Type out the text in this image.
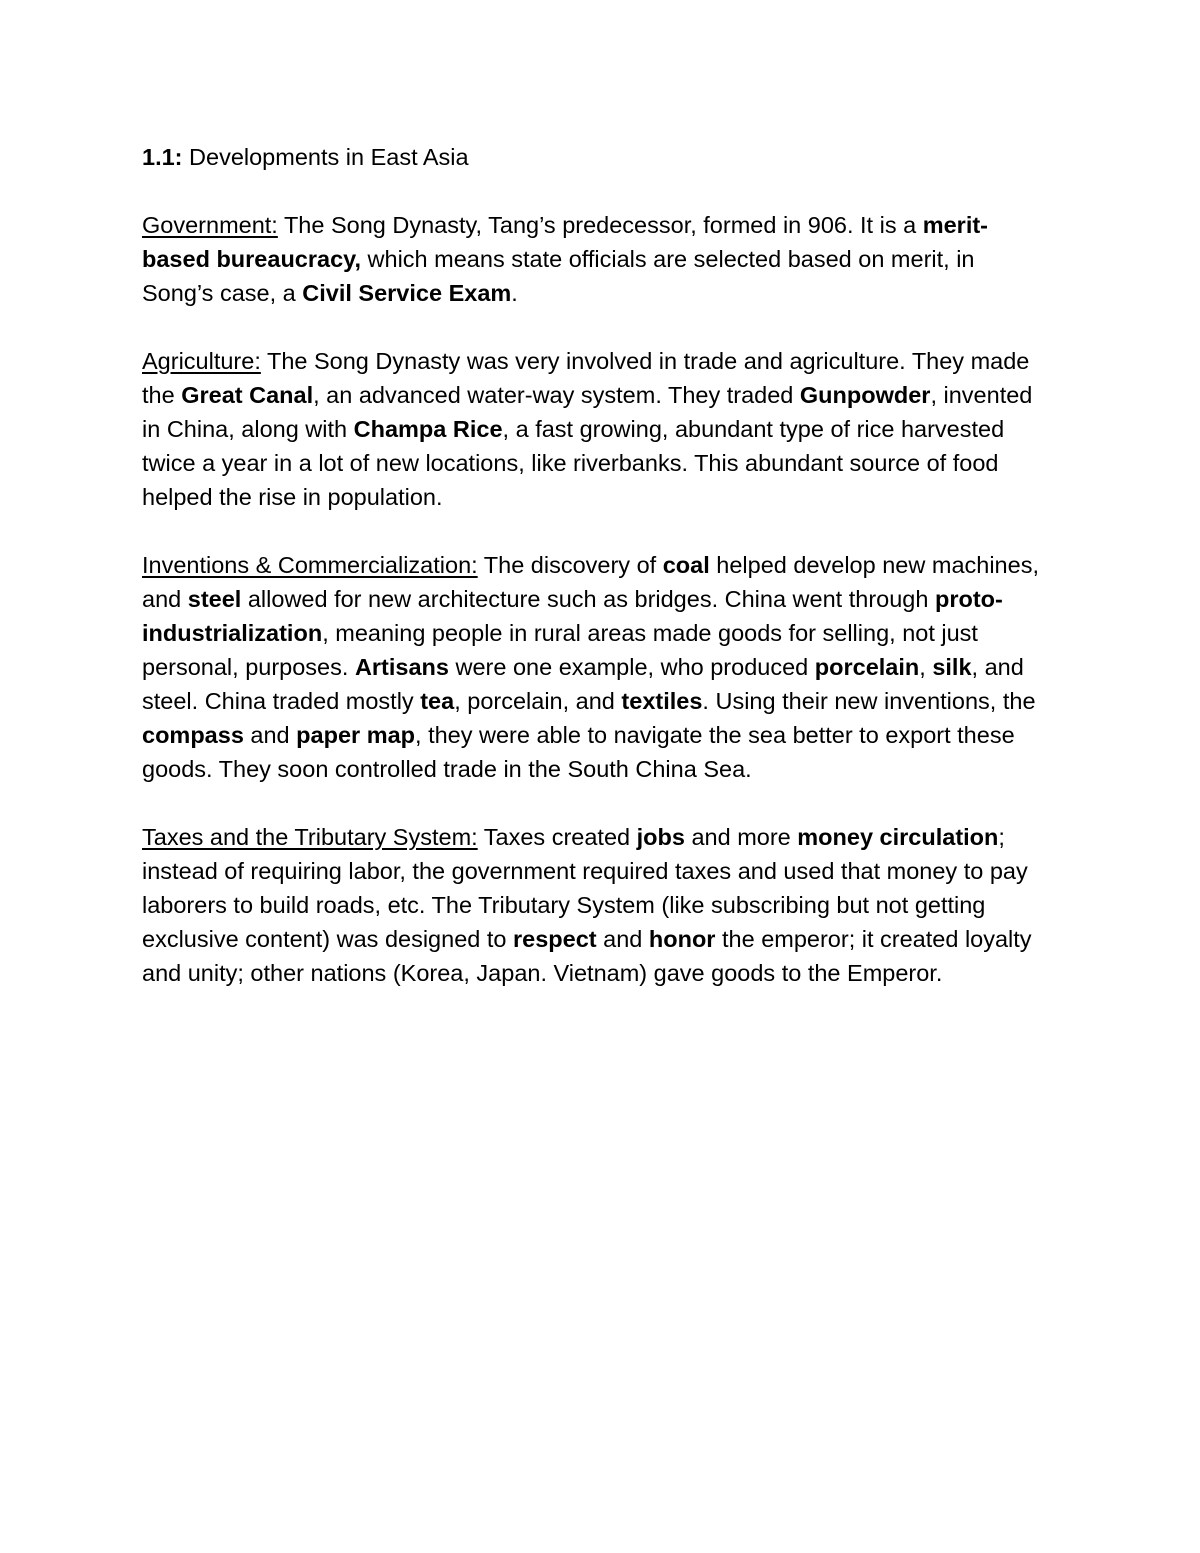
1.1: Developments in East Asia

Government: The Song Dynasty, Tang’s predecessor, formed in 906. It is a merit-based bureaucracy, which means state officials are selected based on merit, in Song’s case, a Civil Service Exam.

Agriculture: The Song Dynasty was very involved in trade and agriculture. They made the Great Canal, an advanced water-way system. They traded Gunpowder, invented in China, along with Champa Rice, a fast growing, abundant type of rice harvested twice a year in a lot of new locations, like riverbanks. This abundant source of food helped the rise in population.

Inventions & Commercialization: The discovery of coal helped develop new machines, and steel allowed for new architecture such as bridges. China went through proto-industrialization, meaning people in rural areas made goods for selling, not just personal, purposes. Artisans were one example, who produced porcelain, silk, and steel. China traded mostly tea, porcelain, and textiles. Using their new inventions, the compass and paper map, they were able to navigate the sea better to export these goods. They soon controlled trade in the South China Sea.

Taxes and the Tributary System: Taxes created jobs and more money circulation; instead of requiring labor, the government required taxes and used that money to pay laborers to build roads, etc. The Tributary System (like subscribing but not getting exclusive content) was designed to respect and honor the emperor; it created loyalty and unity; other nations (Korea, Japan. Vietnam) gave goods to the Emperor.
